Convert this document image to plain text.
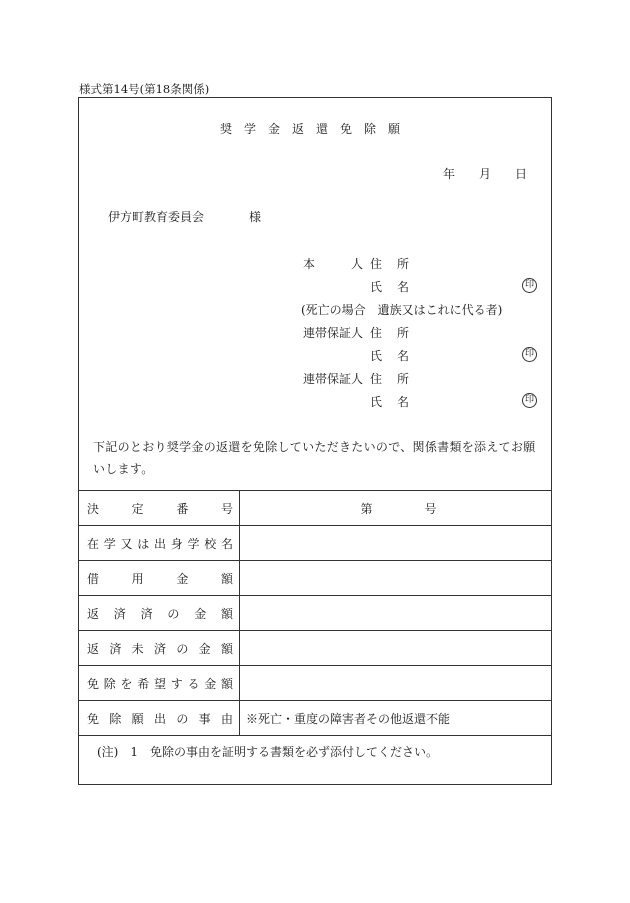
様式第14号(第18条関係)
奨学金返還免除願
年 月 日
伊方町教育委員会	様
本	人 住 所
氏 名	印
(死亡の場合　遺族又はこれに代る者)
連帯保証人 住 所
氏 名	印
連帯保証人 住 所
氏 名	印
下記のとおり奨学金の返還を免除していただきたいので、関係書類を添えてお願いします。
決定番号	第 号

在学又は出身学校名	
借用金額	
返済済の金額	
返済未済の金額	
免除を希望する金額	
免除願出の事由	※死亡・重度の障害者その他返還不能
(注)　1　免除の事由を証明する書類を必ず添付してください。
